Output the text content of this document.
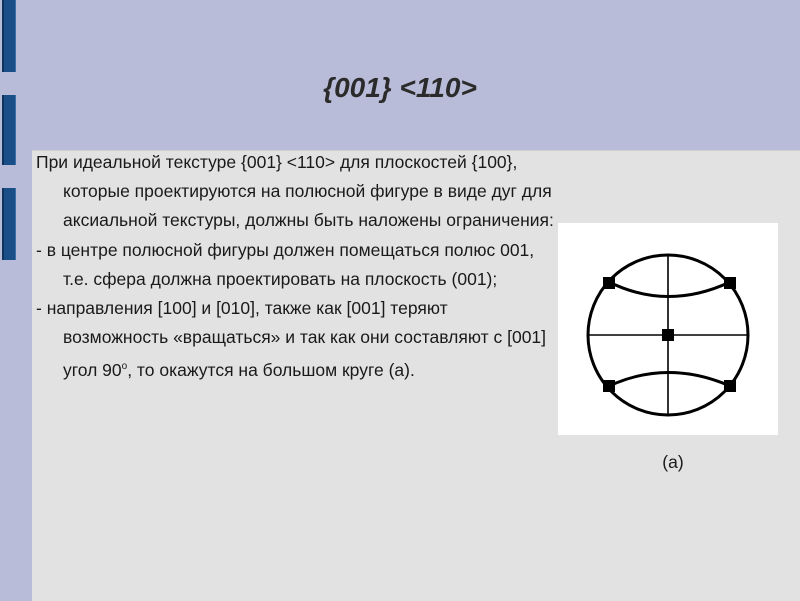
{001} <110>
При идеальной текстуре {001} <110> для плоскостей {100}, которые проектируются на полюсной фигуре в виде дуг для аксиальной текстуры, должны быть наложены ограничения:
- в центре полюсной фигуры должен помещаться полюс 001, т.е. сфера должна проектировать на плоскость (001);
- направления [100] и [010], также как [001] теряют возможность «вращаться» и так как они составляют с [001] угол $90^о$, то окажутся на большом круге (а).
(а)
